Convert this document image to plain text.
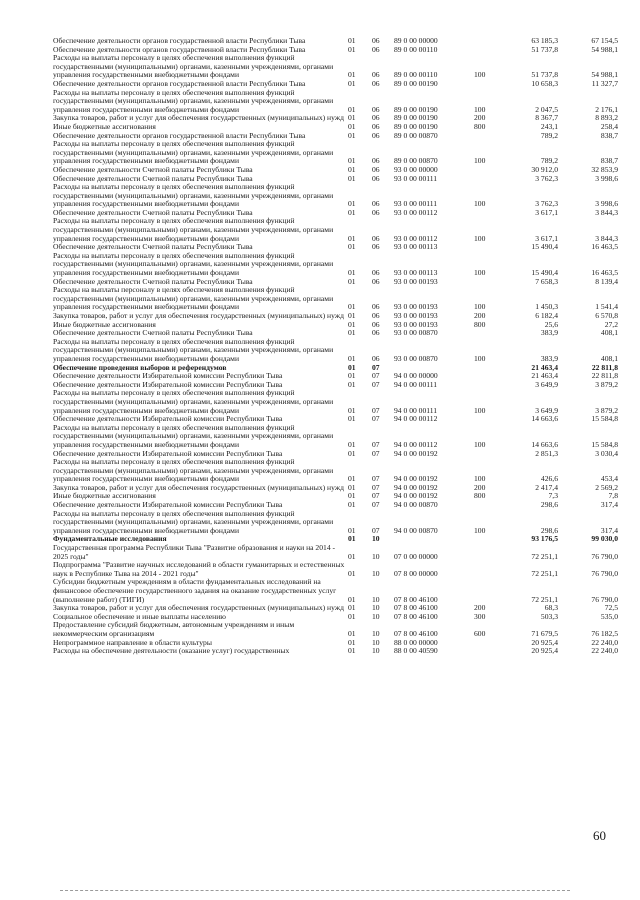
Обеспечение деятельности органов государственной власти Республики Тыва	01	06	89 0 00 00000		63 185,3	67 154,5
Обеспечение деятельности органов государственной власти Республики Тыва	01	06	89 0 00 00110		51 737,8	54 988,1
Расходы на выплаты персоналу в целях обеспечения выполнения функций государственными (муниципальными) органами, казенными учреждениями, органами управления государственными внебюджетными фондами	01	06	89 0 00 00110	100	51 737,8	54 988,1
Обеспечение деятельности органов государственной власти Республики Тыва	01	06	89 0 00 00190		10 658,3	11 327,7
Расходы на выплаты персоналу в целях обеспечения выполнения функций государственными (муниципальными) органами, казенными учреждениями, органами управления государственными внебюджетными фондами	01	06	89 0 00 00190	100	2 047,5	2 176,1
Закупка товаров, работ и услуг для обеспечения государственных (муниципальных) нужд	01	06	89 0 00 00190	200	8 367,7	8 893,2
Иные бюджетные ассигнования	01	06	89 0 00 00190	800	243,1	258,4
Обеспечение деятельности органов государственной власти Республики Тыва	01	06	89 0 00 00870		789,2	838,7
Расходы на выплаты персоналу в целях обеспечения выполнения функций государственными (муниципальными) органами, казенными учреждениями, органами управления государственными внебюджетными фондами	01	06	89 0 00 00870	100	789,2	838,7
Обеспечение деятельности Счетной палаты Республики Тыва	01	06	93 0 00 00000		30 912,0	32 853,9
Обеспечение деятельности Счетной палаты Республики Тыва	01	06	93 0 00 00111		3 762,3	3 998,6
Расходы на выплаты персоналу в целях обеспечения выполнения функций государственными (муниципальными) органами, казенными учреждениями, органами управления государственными внебюджетными фондами	01	06	93 0 00 00111	100	3 762,3	3 998,6
Обеспечение деятельности Счетной палаты Республики Тыва	01	06	93 0 00 00112		3 617,1	3 844,3
Расходы на выплаты персоналу в целях обеспечения выполнения функций государственными (муниципальными) органами, казенными учреждениями, органами управления государственными внебюджетными фондами	01	06	93 0 00 00112	100	3 617,1	3 844,3
Обеспечение деятельности Счетной палаты Республики Тыва	01	06	93 0 00 00113		15 490,4	16 463,5
Расходы на выплаты персоналу в целях обеспечения выполнения функций государственными (муниципальными) органами, казенными учреждениями, органами управления государственными внебюджетными фондами	01	06	93 0 00 00113	100	15 490,4	16 463,5
Обеспечение деятельности Счетной палаты Республики Тыва	01	06	93 0 00 00193		7 658,3	8 139,4
Расходы на выплаты персоналу в целях обеспечения выполнения функций государственными (муниципальными) органами, казенными учреждениями, органами управления государственными внебюджетными фондами	01	06	93 0 00 00193	100	1 450,3	1 541,4
Закупка товаров, работ и услуг для обеспечения государственных (муниципальных) нужд	01	06	93 0 00 00193	200	6 182,4	6 570,8
Иные бюджетные ассигнования	01	06	93 0 00 00193	800	25,6	27,2
Обеспечение деятельности Счетной палаты Республики Тыва	01	06	93 0 00 00870		383,9	408,1
Расходы на выплаты персоналу в целях обеспечения выполнения функций государственными (муниципальными) органами, казенными учреждениями, органами управления государственными внебюджетными фондами	01	06	93 0 00 00870	100	383,9	408,1
Обеспечение проведения выборов и референдумов	01	07			21 463,4	22 811,8
Обеспечение деятельности Избирательной комиссии Республики Тыва	01	07	94 0 00 00000		21 463,4	22 811,8
Обеспечение деятельности Избирательной комиссии Республики Тыва	01	07	94 0 00 00111		3 649,9	3 879,2
Расходы на выплаты персоналу в целях обеспечения выполнения функций государственными (муниципальными) органами, казенными учреждениями, органами управления государственными внебюджетными фондами	01	07	94 0 00 00111	100	3 649,9	3 879,2
Обеспечение деятельности Избирательной комиссии Республики Тыва	01	07	94 0 00 00112		14 663,6	15 584,8
Расходы на выплаты персоналу в целях обеспечения выполнения функций государственными (муниципальными) органами, казенными учреждениями, органами управления государственными внебюджетными фондами	01	07	94 0 00 00112	100	14 663,6	15 584,8
Обеспечение деятельности Избирательной комиссии Республики Тыва	01	07	94 0 00 00192		2 851,3	3 030,4
Расходы на выплаты персоналу в целях обеспечения выполнения функций государственными (муниципальными) органами, казенными учреждениями, органами управления государственными внебюджетными фондами	01	07	94 0 00 00192	100	426,6	453,4
Закупка товаров, работ и услуг для обеспечения государственных (муниципальных) нужд	01	07	94 0 00 00192	200	2 417,4	2 569,2
Иные бюджетные ассигнования	01	07	94 0 00 00192	800	7,3	7,8
Обеспечение деятельности Избирательной комиссии Республики Тыва	01	07	94 0 00 00870		298,6	317,4
Расходы на выплаты персоналу в целях обеспечения выполнения функций государственными (муниципальными) органами, казенными учреждениями, органами управления государственными внебюджетными фондами	01	07	94 0 00 00870	100	298,6	317,4
Фундаментальные исследования	01	10			93 176,5	99 030,0
Государственная программа Республики Тыва "Развитие образования и науки на 2014 - 2025 годы"	01	10	07 0 00 00000		72 251,1	76 790,0
Подпрограмма "Развитие научных исследований в области гуманитарных и естественных наук в Республике Тыва на 2014 - 2021 годы"	01	10	07 8 00 00000		72 251,1	76 790,0
Субсидии бюджетным учреждениям в области фундаментальных исследований на финансовое обеспечение государственного задания на оказание государственных услуг (выполнение работ) (ТИГИ)	01	10	07 8 00 46100		72 251,1	76 790,0
Закупка товаров, работ и услуг для обеспечения государственных (муниципальных) нужд	01	10	07 8 00 46100	200	68,3	72,5
Социальное обеспечение и иные выплаты населению	01	10	07 8 00 46100	300	503,3	535,0
Предоставление субсидий бюджетным, автономным учреждениям и иным некоммерческим организациям	01	10	07 8 00 46100	600	71 679,5	76 182,5
Непрограммное направление в области культуры	01	10	88 0 00 00000		20 925,4	22 240,0
Расходы на обеспечение деятельности (оказание услуг) государственных	01	10	88 0 00 40590		20 925,4	22 240,0
60
